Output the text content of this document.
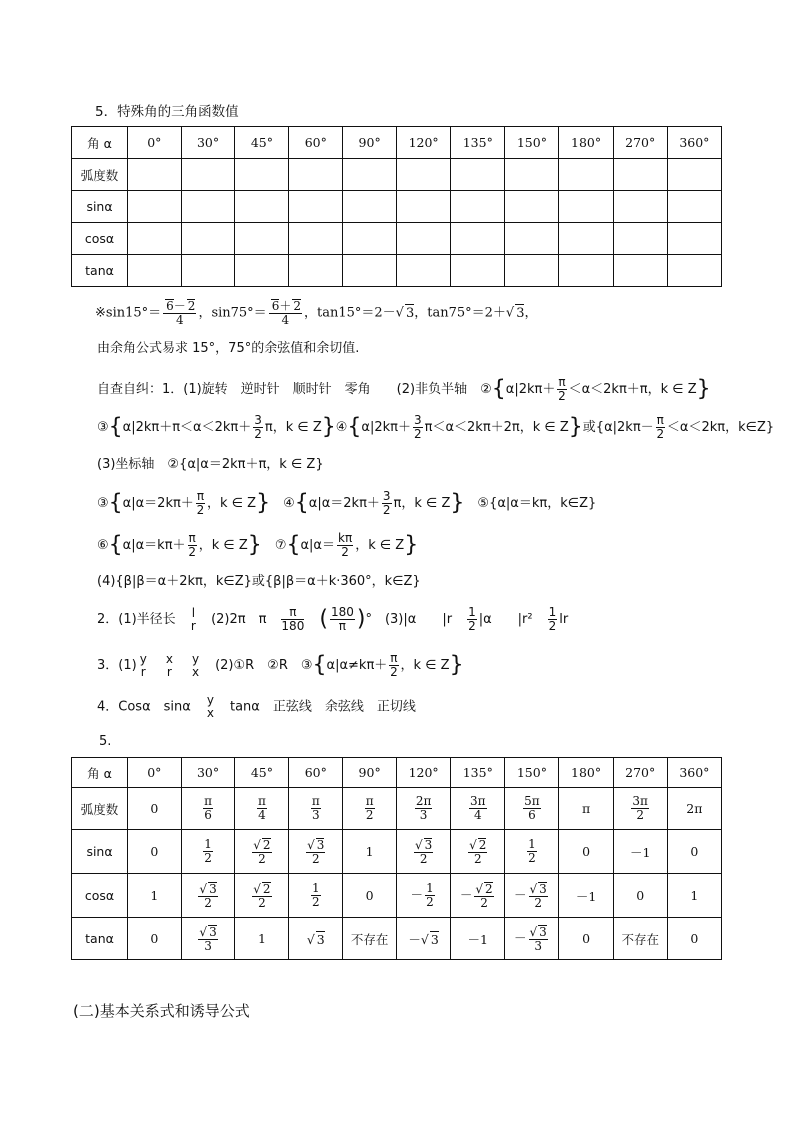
5．特殊角的三角函数值
角 α	0°	30°	45°	60°	90°	120°	135°	150°	180°	270°	360°
弧度数											
sinα											
cosα											
tanα											
※sin15°＝ $\frac{6- 2}{4}$ ，$\sin 75^\circ= \frac{6+ 2}{4}$ ，tan15°＝2－√ 3，tan75°＝2＋√ 3，
由余角公式易求 15°，75°的余弦值和余切值.
自查自纠：1．(1)旋转　逆时针　顺时针　零角　　(2)非负半轴　②{α|2kπ＋ $\frac{\pi}{2} <\alpha<2k\pi+\pi$，k ∈ Z}
③{α|2kπ＋π＜α＜2kπ＋ $\frac{3}{2}$ π，k ∈ Z}④{α|2kπ＋ $\frac{3}{2} \pi<\alpha<2k\pi+2\pi$，k ∈ Z}或{$\alpha|2k\pi- \frac{\pi}{2} <\alpha<2k\pi$，k∈Z}
(3)坐标轴　②{α|α＝2kπ＋π，k ∈ Z}
③{α|α＝2kπ＋ $\frac{\pi}{2}$ ，k ∈ Z}　 ④{α|α＝2kπ＋ $\frac{3}{2}$ π，k ∈ Z}　 ⑤{α|α＝kπ，k∈Z}
⑥{α|α＝kπ＋ $\frac{\pi}{2}$ ，k ∈ Z}　 ⑦{α|α＝ $\frac{k\pi}{2}$ ，k ∈ Z}
(4){β|β＝α＋2kπ，k∈Z}或{β|β＝α＋k·360°，k∈Z}
2．(1)半径长　 l
r
　 (2)2π　π　 $\frac{\pi}{180}$
　 ( $\frac{180}{\pi}$ )°　(3)|α　　|r　 $\frac{1}{2} |\alpha$　　|r²　 $\frac{1}{2}$ lr
3．(1) y
r

x
r

y
x
　 (2)①R　②R　③{α|α≠kπ＋ $\frac{\pi}{2}$ ，k ∈ Z}
4．Cosα　sinα　 y
x
　 tanα　正弦线　余弦线　正切线
5.
角 α	0°	30°	45°	60°	90°	120°	135°	150°	180°	270°	360°
弧度数	0	$\frac{\pi}{6}$	$\frac{\pi}{4}$	$\frac{\pi}{3}$	$\frac{\pi}{2}$	$\frac{2\pi}{3}$	$\frac{3\pi}{4}$	$\frac{5\pi}{6}$	π	$\frac{3\pi}{2}$	2π
sinα	0	$\frac{1}{2}$	$\frac{√ 2}{2}$	$\frac{√ 3}{2}$	1	$\frac{√ 3}{2}$	$\frac{√ 2}{2}$	$\frac{1}{2}$	0	－1	0
cosα	1	$\frac{√ 3}{2}$	$\frac{√ 2}{2}$	$\frac{1}{2}$	0	－ $\frac{1}{2}$	－ $\frac{√ 2}{2}$	－ $\frac{√ 3}{2}$	－1	0	1
tanα	0	$\frac{√ 3}{3}$	1	√ 3	不存在	－√ 3	－1	－ $\frac{√ 3}{3}$	0	不存在	0
(二)基本关系式和诱导公式
